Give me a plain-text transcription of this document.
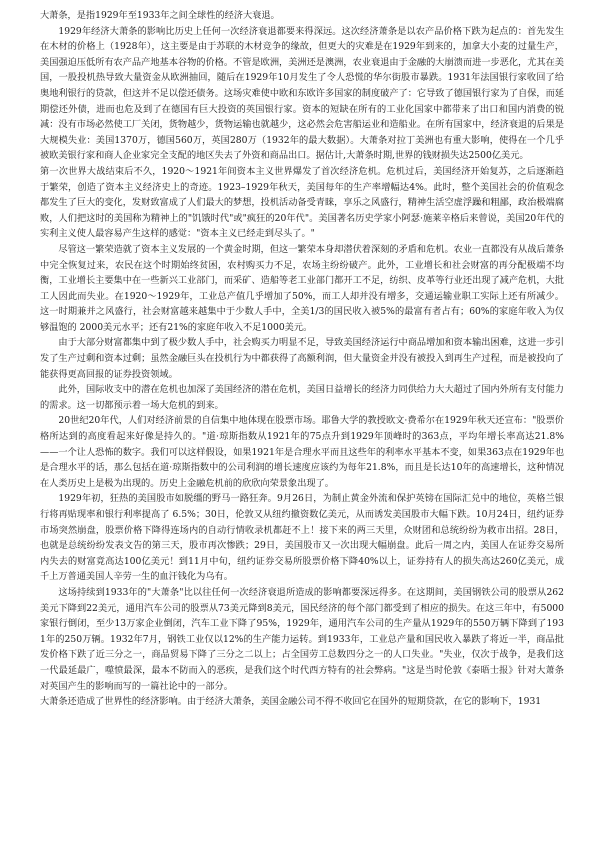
大萧条，是指1929年至1933年之间全球性的经济大衰退。

1929年经济大萧条的影响比历史上任何一次经济衰退都要来得深远。这次经济萧条是以农产品价格下跌为起点的：首先发生在木材的价格上（1928年），这主要是由于苏联的木材竞争的缘故，但更大的灾难是在1929年到来的，加拿大小麦的过量生产，美国强迫压低所有农产品产地基本谷物的价格。不管是欧洲，美洲还是澳洲，农业衰退由于金融的大崩溃而进一步恶化，尤其在美国，一股投机热导致大量资金从欧洲抽回，随后在1929年10月发生了令人恐慌的华尔街股市暴跌。1931年法国银行家收回了给奥地利银行的贷款，但这并不足以偿还债务。这场灾难使中欧和东欧许多国家的制度破产了：它导致了德国银行家为了自保，而延期偿还外债，进而也危及到了在德国有巨大投资的英国银行家。资本的短缺在所有的工业化国家中都带来了出口和国内消费的锐减：没有市场必然使工厂关闭，货物越少，货物运输也就越少，这必然会危害船运业和造船业。在所有国家中，经济衰退的后果是大规模失业：美国1370万，德国560万，英国280万（1932年的最大数据）。大萧条对拉丁美洲也有重大影响，使得在一个几乎被欧美银行家和商人企业家完全支配的地区失去了外资和商品出口。据估计,大萧条时期,世界的钱财损失达2500亿美元。

第一次世界大战结束后不久，1920～1921年间资本主义世界爆发了首次经济危机。危机过后，美国经济开始复苏，之后逐渐趋于繁荣，创造了资本主义经济史上的奇迹。1923–1929年秋天，美国每年的生产率增幅达4%。此时，整个美国社会的价值观念都发生了巨大的变化，发财致富成了人们最大的梦想，投机活动备受青睐，享乐之风盛行，精神生活空虚浮躁和粗鄙，政治极端腐败，人们把这时的美国称为精神上的"饥饿时代"或"疯狂的20年代"。美国著名历史学家小阿瑟·施莱辛格后来曾说，美国20年代的实利主义使人最容易产生这样的感觉："资本主义已经走到尽头了。"

尽管这一繁荣造就了资本主义发展的一个黄金时期，但这一繁荣本身却潜伏着深刻的矛盾和危机。农业一直都没有从战后萧条中完全恢复过来，农民在这个时期始终贫困，农村购买力不足，农场主纷纷破产。此外，工业增长和社会财富的再分配极端不均衡，工业增长主要集中在一些新兴工业部门，而采矿、造船等老工业部门都开工不足，纺织、皮革等行业还出现了减产危机，大批工人因此而失业。在1920～1929年，工业总产值几乎增加了50%，而工人却并没有增多，交通运输业职工实际上还有所减少。这一时期兼并之风盛行，社会财富越来越集中于少数人手中，全美1/3的国民收入被5%的最富有者占有；60%的家庭年收入为仅够温饱的 2000美元水平；还有21%的家庭年收入不足1000美元。

由于大部分财富都集中到了极少数人手中，社会购买力明显不足，导致美国经济运行中商品增加和资本输出困难，这进一步引发了生产过剩和资本过剩；虽然金融巨头在投机行为中都获得了高额利润，但大量资金并没有被投入到再生产过程，而是被投向了能获得更高回报的证券投资领域。

此外，国际收支中的潜在危机也加深了美国经济的潜在危机，美国日益增长的经济力同供给力大大超过了国内外所有支付能力的需求。这一切都预示着一场大危机的到来。

20世纪20年代，人们对经济前景的自信集中地体现在股票市场。耶鲁大学的教授欧文·费希尔在1929年秋天还宣布："股票价格所达到的高度看起来好像是持久的。"道·琼斯指数从1921年的75点升到1929年顶峰时的363点，平均年增长率高达21.8%——一个让人恐怖的数字。我们可以这样假设，如果1921年是合理水平而且这些年的利率水平基本不变，如果363点在1929年也是合理水平的话，那么包括在道·琼斯指数中的公司利润的增长速度应该约为每年21.8%，而且是长达10年的高速增长，这种情况在人类历史上是极为出现的。历史上金融危机前的欣欣向荣景象出现了。

1929年初，狂热的美国股市如脱缰的野马一路狂奔。9月26日，为制止黄金外流和保护英镑在国际汇兑中的地位，英格兰银行将再贴现率和银行利率提高了 6.5%；30日，伦敦又从纽约撤资数亿美元，从而诱发美国股市大幅下跌。10月24日，纽约证券市场突然崩盘，股票价格下降得连场内的自动行情收录机都赶不上！接下来的两三天里，众财团和总统纷纷为救市出招。28日，也就是总统纷纷发表文告的第三天，股市再次惨跌；29日，美国股市又一次出现大幅崩盘。此后一周之内，美国人在证券交易所内失去的财富竟高达100亿美元！到11月中旬，纽约证券交易所股票价格下降40%以上，证券持有人的损失高达260亿美元，成千上万普通美国人辛劳一生的血汗钱化为乌有。

这场持续到1933年的"大萧条"比以往任何一次经济衰退所造成的影响都要深远得多。在这期间，美国钢铁公司的股票从262美元下降到22美元，通用汽车公司的股票从73美元降到8美元，国民经济的每个部门都受到了相应的损失。在这三年中，有5000家银行倒闭，至少13万家企业倒闭，汽车工业下降了95%，1929年，通用汽车公司的生产量从1929年的550万辆下降到了1931年的250万辆。1932年7月，钢铁工业仅以12%的生产能力运转。到1933年，工业总产量和国民收入暴跌了将近一半，商品批发价格下跌了近三分之一，商品贸易下降了三分之二以上；占全国劳工总数四分之一的人口失业。"失业，仅次于战争，是我们这一代最延最广，噬愤最深，最本不防而入的恶疾，是我们这个时代西方特有的社会弊病。"这是当时伦敦《泰晤士报》针对大萧条对英国产生的影响而写的一篇社论中的一部分。

大萧条还造成了世界性的经济影响。由于经济大萧条，美国金融公司不得不收回它在国外的短期贷款，在它的影响下，1931
